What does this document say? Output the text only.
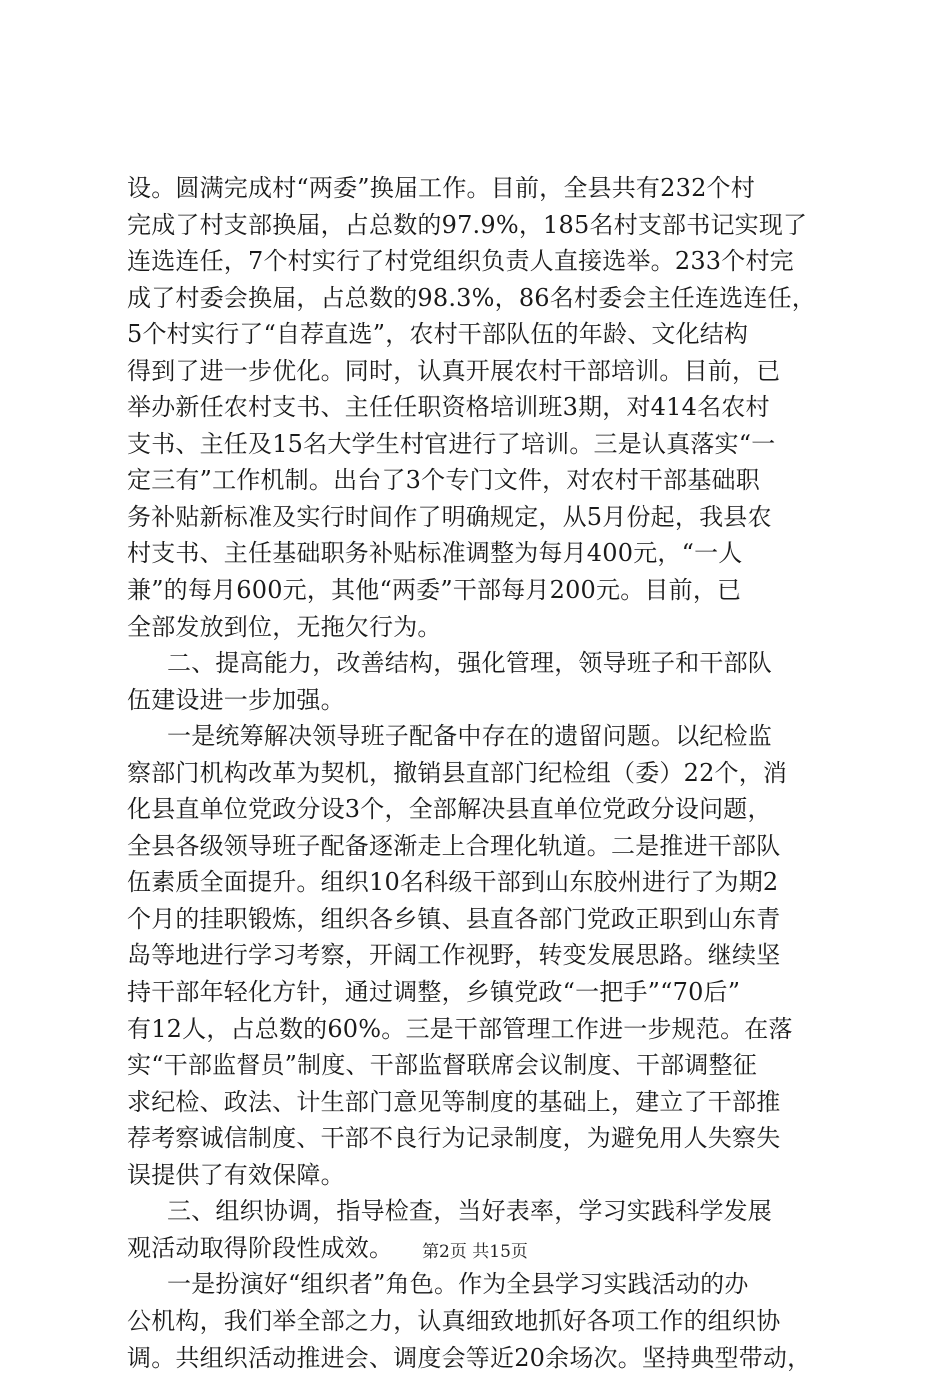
设。圆满完成村“两委”换届工作。目前，全县共有232个村
完成了村支部换届，占总数的97.9%，185名村支部书记实现了
连选连任，7个村实行了村党组织负责人直接选举。233个村完
成了村委会换届，占总数的98.3%，86名村委会主任连选连任，
5个村实行了“自荐直选”，农村干部队伍的年龄、文化结构
得到了进一步优化。同时，认真开展农村干部培训。目前，已
举办新任农村支书、主任任职资格培训班3期，对414名农村
支书、主任及15名大学生村官进行了培训。三是认真落实“一
定三有”工作机制。出台了3个专门文件，对农村干部基础职
务补贴新标准及实行时间作了明确规定，从5月份起，我县农
村支书、主任基础职务补贴标准调整为每月400元，“一人
兼”的每月600元，其他“两委”干部每月200元。目前，已
全部发放到位，无拖欠行为。
二、提高能力，改善结构，强化管理，领导班子和干部队
伍建设进一步加强。
一是统筹解决领导班子配备中存在的遗留问题。以纪检监
察部门机构改革为契机，撤销县直部门纪检组（委）22个，消
化县直单位党政分设3个，全部解决县直单位党政分设问题，
全县各级领导班子配备逐渐走上合理化轨道。二是推进干部队
伍素质全面提升。组织10名科级干部到山东胶州进行了为期2
个月的挂职锻炼，组织各乡镇、县直各部门党政正职到山东青
岛等地进行学习考察，开阔工作视野，转变发展思路。继续坚
持干部年轻化方针，通过调整，乡镇党政“一把手”“70后”
有12人，占总数的60%。三是干部管理工作进一步规范。在落
实“干部监督员”制度、干部监督联席会议制度、干部调整征
求纪检、政法、计生部门意见等制度的基础上，建立了干部推
荐考察诚信制度、干部不良行为记录制度，为避免用人失察失
误提供了有效保障。
三、组织协调，指导检查，当好表率，学习实践科学发展
观活动取得阶段性成效。
一是扮演好“组织者”角色。作为全县学习实践活动的办
公机构，我们举全部之力，认真细致地抓好各项工作的组织协
调。共组织活动推进会、调度会等近20余场次。坚持典型带动，
第2页 共15页
